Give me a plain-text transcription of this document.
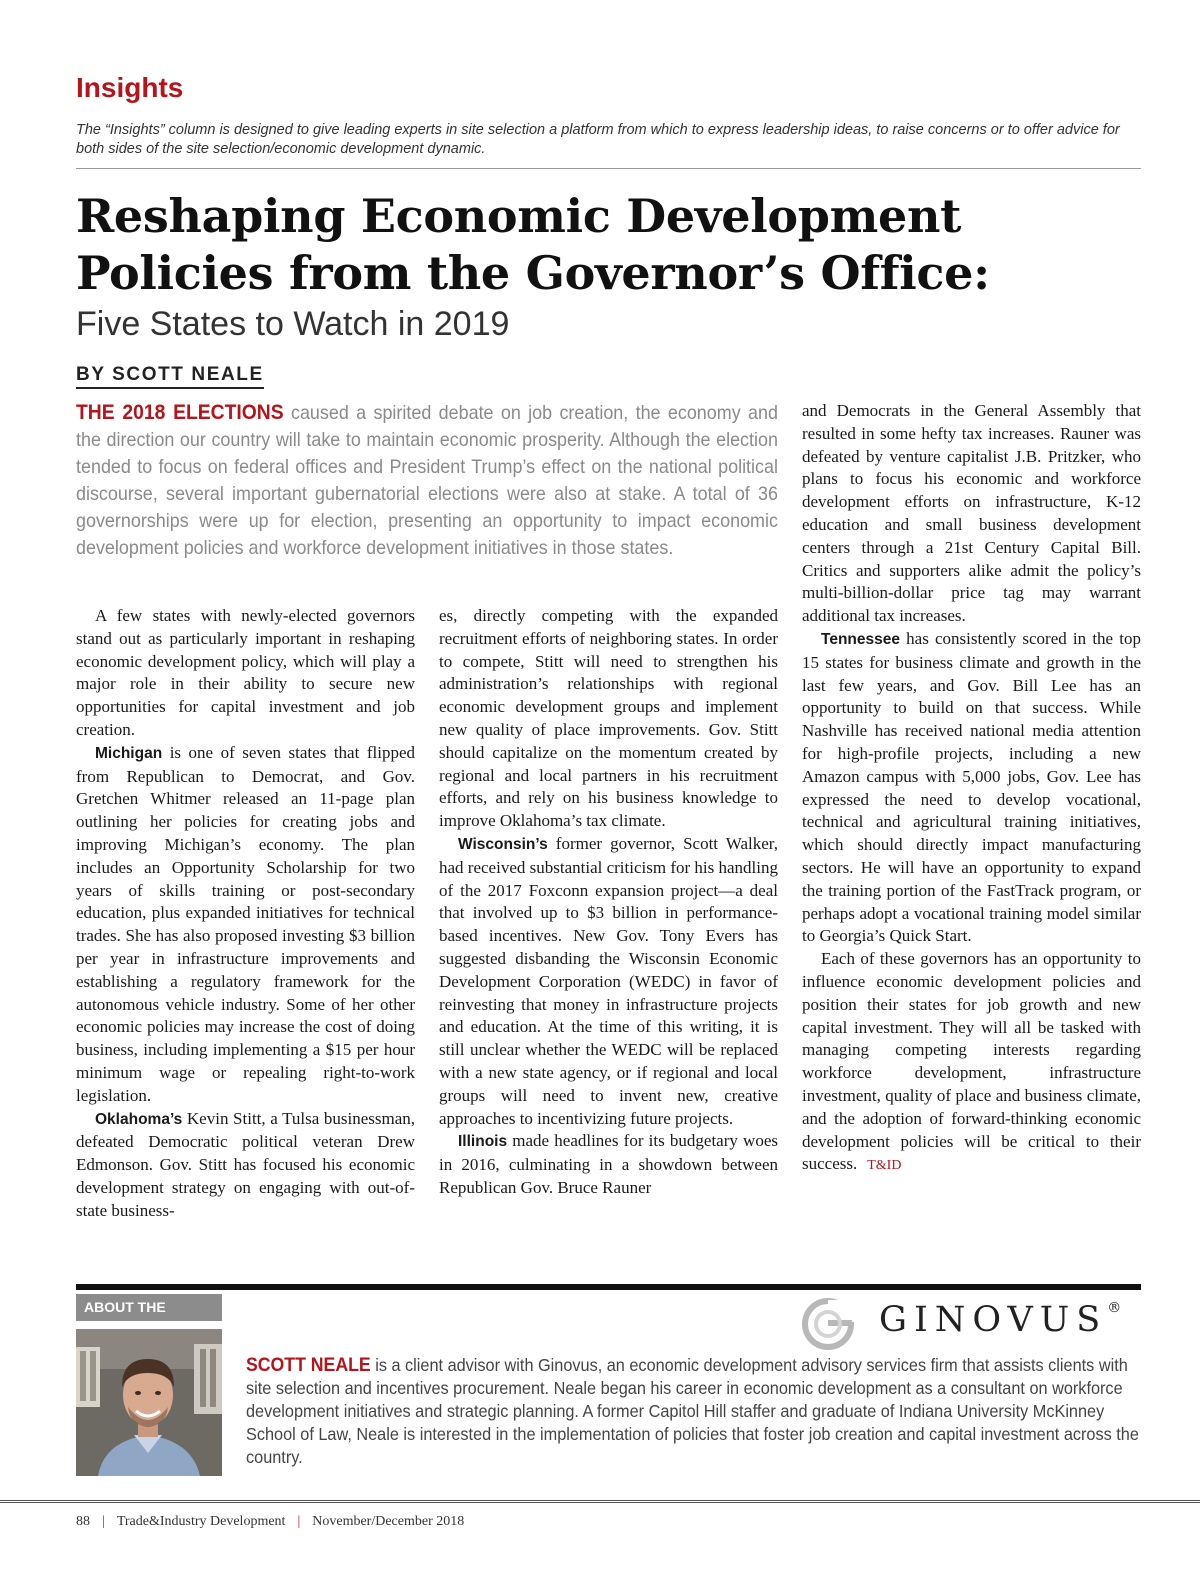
Insights
The “Insights” column is designed to give leading experts in site selection a platform from which to express leadership ideas, to raise concerns or to offer advice for both sides of the site selection/economic development dynamic.
Reshaping Economic Development
Policies from the Governor’s Office:
Five States to Watch in 2019
BY SCOTT NEALE
THE 2018 ELECTIONS caused a spirited debate on job creation, the economy and the direction our country will take to maintain economic prosperity. Although the election tended to focus on federal offices and President Trump’s effect on the national political discourse, several important gubernatorial elections were also at stake. A total of 36 governorships were up for election, presenting an opportunity to impact economic development policies and workforce development initiatives in those states.

A few states with newly-elected governors stand out as particularly important in reshaping economic development policy, which will play a major role in their ability to secure new opportunities for capital investment and job creation.

Michigan is one of seven states that flipped from Republican to Democrat, and Gov. Gretchen Whitmer released an 11-page plan outlining her policies for creating jobs and improving Michigan’s economy. The plan includes an Opportunity Scholarship for two years of skills training or post-secondary education, plus expanded initiatives for technical trades. She has also proposed investing $3 billion per year in infrastructure improvements and establishing a regulatory framework for the autonomous vehicle industry. Some of her other economic policies may increase the cost of doing business, including implementing a $15 per hour minimum wage or repealing right-to-work legislation.

Oklahoma’s Kevin Stitt, a Tulsa businessman, defeated Democratic political veteran Drew Edmonson. Gov. Stitt has focused his economic development strategy on engaging with out-of-state business-

es, directly competing with the expanded recruitment efforts of neighboring states. In order to compete, Stitt will need to strengthen his administration’s relationships with regional economic development groups and implement new quality of place improvements. Gov. Stitt should capitalize on the momentum created by regional and local partners in his recruitment efforts, and rely on his business knowledge to improve Oklahoma’s tax climate.

Wisconsin’s former governor, Scott Walker, had received substantial criticism for his handling of the 2017 Foxconn expansion project—a deal that involved up to $3 billion in performance-based incentives. New Gov. Tony Evers has suggested disbanding the Wisconsin Economic Development Corporation (WEDC) in favor of reinvesting that money in infrastructure projects and education. At the time of this writing, it is still unclear whether the WEDC will be replaced with a new state agency, or if regional and local groups will need to invent new, creative approaches to incentivizing future projects.

Illinois made headlines for its budgetary woes in 2016, culminating in a showdown between Republican Gov. Bruce Rauner

and Democrats in the General Assembly that resulted in some hefty tax increases. Rauner was defeated by venture capitalist J.B. Pritzker, who plans to focus his economic and workforce development efforts on infrastructure, K-12 education and small business development centers through a 21st Century Capital Bill. Critics and supporters alike admit the policy’s multi-billion-dollar price tag may warrant additional tax increases.

Tennessee has consistently scored in the top 15 states for business climate and growth in the last few years, and Gov. Bill Lee has an opportunity to build on that success. While Nashville has received national media attention for high-profile projects, including a new Amazon campus with 5,000 jobs, Gov. Lee has expressed the need to develop vocational, technical and agricultural training initiatives, which should directly impact manufacturing sectors. He will have an opportunity to expand the training portion of the FastTrack program, or perhaps adopt a vocational training model similar to Georgia’s Quick Start.

Each of these governors has an opportunity to influence economic development policies and position their states for job growth and new capital investment. They will all be tasked with managing competing interests regarding workforce development, infrastructure investment, quality of place and business climate, and the adoption of forward-thinking economic development policies will be critical to their success. T&ID

ABOUT THE	GINOVUS®
SCOTT NEALE is a client advisor with Ginovus, an economic development advisory services firm that assists clients with site selection and incentives procurement. Neale began his career in economic development as a consultant on workforce development initiatives and strategic planning. A former Capitol Hill staffer and graduate of Indiana University McKinney School of Law, Neale is interested in the implementation of policies that foster job creation and capital investment across the country.
88 | Trade&Industry Development | November/December 2018
